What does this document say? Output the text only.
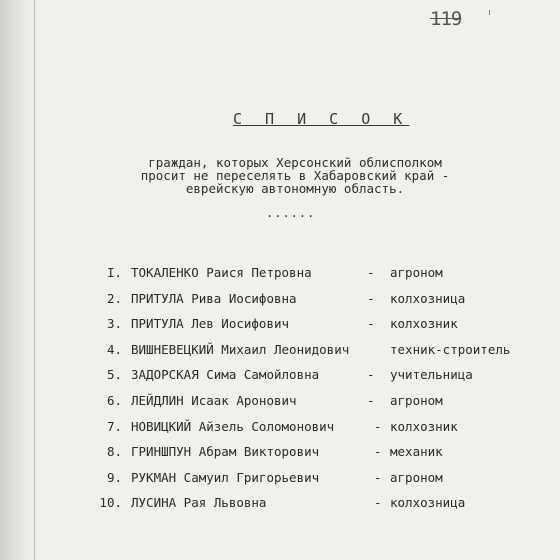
119
С П И С О К
граждан, которых Херсонский облисполком
просит не переселять в Хабаровский край -
еврейскую автономную область.
......
I. ТОКАЛЕНКО Раися Петровна	- агроном
2. ПРИТУЛА Рива Иосифовна	- колхозница
3. ПРИТУЛА Лев Иосифович	- колхозник
4. ВИШНЕВЕЦКИЙ Михаил Леонидович	техник-строитель
5. ЗАДОРСКАЯ Сима Самойловна	- учительница
6. ЛЕЙДЛИН Исаак Аронович	- агроном
7. НОВИЦКИЙ Айзель Соломонович	- колхозник
8. ГРИНШПУН Абрам Викторович	- механик
9. РУКМАН Самуил Григорьевич	- агроном
10. ЛУСИНА Рая Львовна	- колхозница
